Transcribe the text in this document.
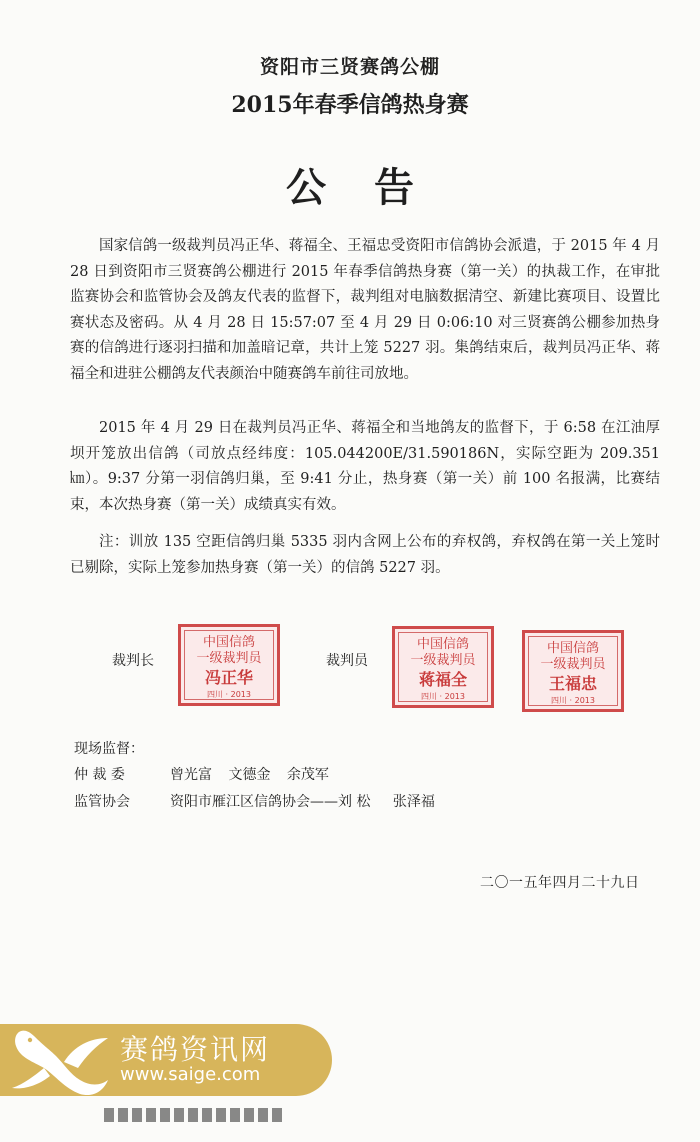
资阳市三贤赛鸽公棚
2015年春季信鸽热身赛
公告

国家信鸽一级裁判员冯正华、蒋福全、王福忠受资阳市信鸽协会派遣，于 2015 年 4 月 28 日到资阳市三贤赛鸽公棚进行 2015 年春季信鸽热身赛（第一关）的执裁工作，在审批监赛协会和监管协会及鸽友代表的监督下，裁判组对电脑数据清空、新建比赛项目、设置比赛状态及密码。从 4 月 28 日 15:57:07 至 4 月 29 日 0:06:10 对三贤赛鸽公棚参加热身赛的信鸽进行逐羽扫描和加盖暗记章，共计上笼 5227 羽。集鸽结束后，裁判员冯正华、蒋福全和进驻公棚鸽友代表颜治中随赛鸽车前往司放地。

2015 年 4 月 29 日在裁判员冯正华、蒋福全和当地鸽友的监督下，于 6:58 在江油厚坝开笼放出信鸽（司放点经纬度：105.044200E/31.590186N，实际空距为 209.351 ㎞）。9:37 分第一羽信鸽归巢，至 9:41 分止，热身赛（第一关）前 100 名报满，比赛结束，本次热身赛（第一关）成绩真实有效。

注：训放 135 空距信鸽归巢 5335 羽内含网上公布的弃权鸽，弃权鸽在第一关上笼时已剔除，实际上笼参加热身赛（第一关）的信鸽 5227 羽。

裁判长	裁判员
中国信鸽
一级裁判员
冯正华
四川 · 2013
中国信鸽
一级裁判员
蒋福全
四川 · 2013
中国信鸽
一级裁判员
王福忠
四川 · 2013
现场监督：
仲 裁 委	曾光富 文德金 余茂军
监管协会	资阳市雁江区信鸽协会——刘 松 张泽福
二〇一五年四月二十九日
赛鸽资讯网
www.saige.com
